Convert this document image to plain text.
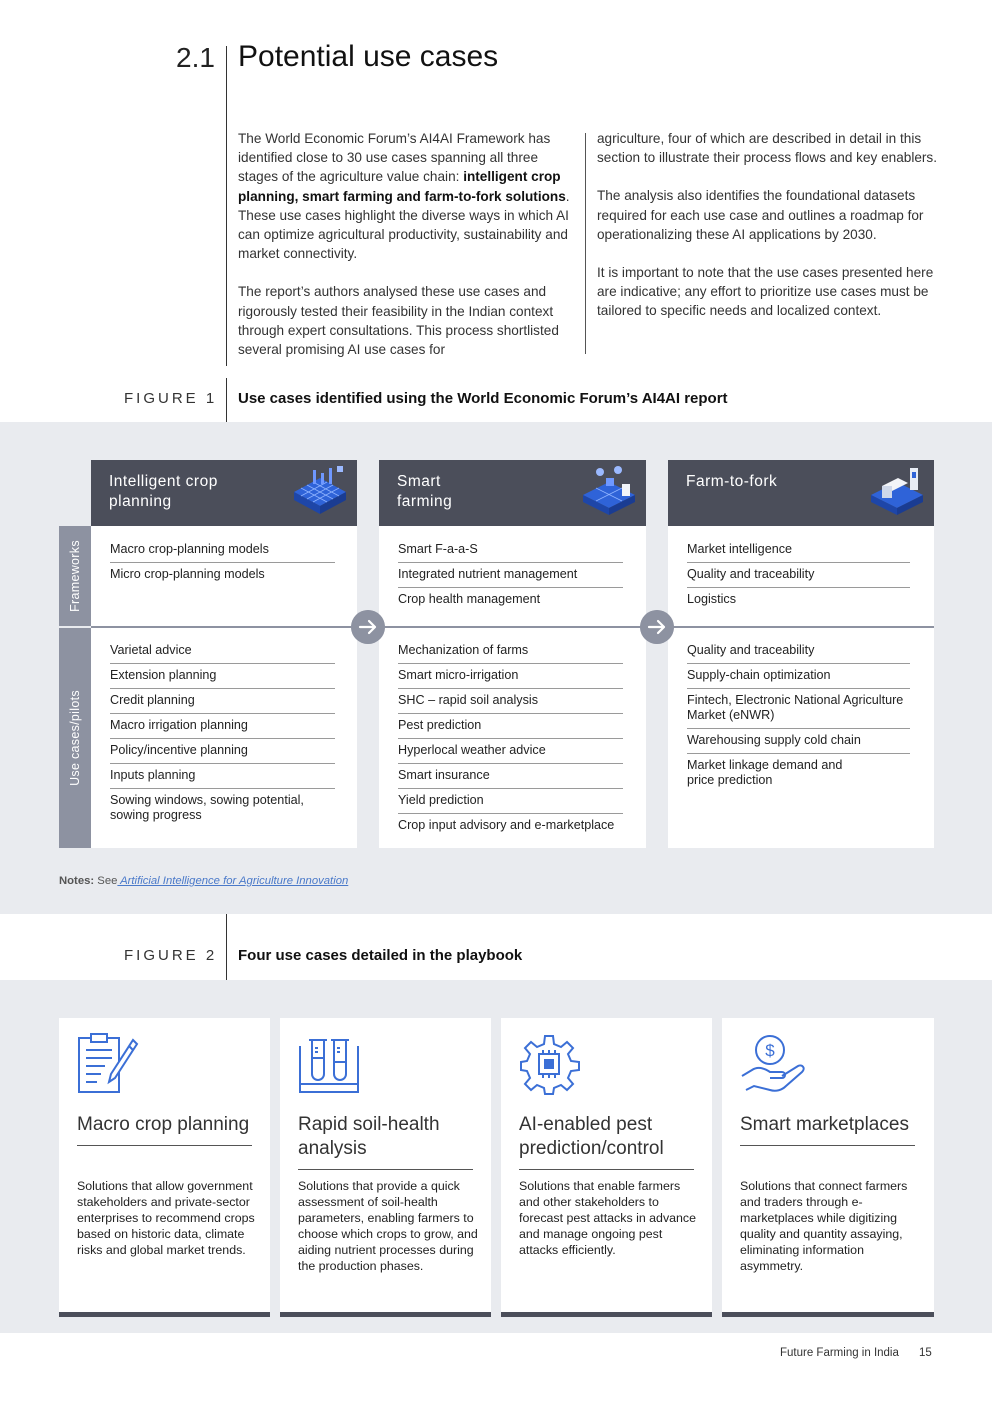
2.1 Potential use cases

The World Economic Forum’s AI4AI Framework has identified close to 30 use cases spanning all three stages of the agriculture value chain: intelligent crop planning, smart farming and farm-to-fork solutions. These use cases highlight the diverse ways in which AI can optimize agricultural productivity, sustainability and market connectivity.

The report’s authors analysed these use cases and rigorously tested their feasibility in the Indian context through expert consultations. This process shortlisted several promising AI use cases for

agriculture, four of which are described in detail in this section to illustrate their process flows and key enablers.

The analysis also identifies the foundational datasets required for each use case and outlines a roadmap for operationalizing these AI applications by 2030.

It is important to note that the use cases presented here are indicative; any effort to prioritize use cases must be tailored to specific needs and localized context.

FIGURE 1 Use cases identified using the World Economic Forum’s AI4AI report
Intelligent crop planning
Smart farming
Farm-to-fork
Frameworks
Use cases/pilots
Macro crop-planning models
Micro crop-planning models
Smart F-a-a-S
Integrated nutrient management
Crop health management
Market intelligence
Quality and traceability
Logistics
Varietal advice
Extension planning
Credit planning
Macro irrigation planning
Policy/incentive planning
Inputs planning
Sowing windows, sowing potential, sowing progress
Mechanization of farms
Smart micro-irrigation
SHC – rapid soil analysis
Pest prediction
Hyperlocal weather advice
Smart insurance
Yield prediction
Crop input advisory and e-marketplace
Quality and traceability
Supply-chain optimization
Fintech, Electronic National Agriculture Market (eNWR)
Warehousing supply cold chain
Market linkage demand and price prediction
Notes: See Artificial Intelligence for Agriculture Innovation
FIGURE 2 Four use cases detailed in the playbook
Macro crop planning
Solutions that allow government stakeholders and private-sector enterprises to recommend crops based on historic data, climate risks and global market trends.
Rapid soil-health analysis
Solutions that provide a quick assessment of soil-health parameters, enabling farmers to choose which crops to grow, and aiding nutrient processes during the production phases.
AI-enabled pest prediction/control
Solutions that enable farmers and other stakeholders to forecast pest attacks in advance and manage ongoing pest attacks efficiently.
$
Smart marketplaces
Solutions that connect farmers and traders through e-marketplaces while digitizing quality and quantity assaying, eliminating information asymmetry.
Future Farming in India 15
